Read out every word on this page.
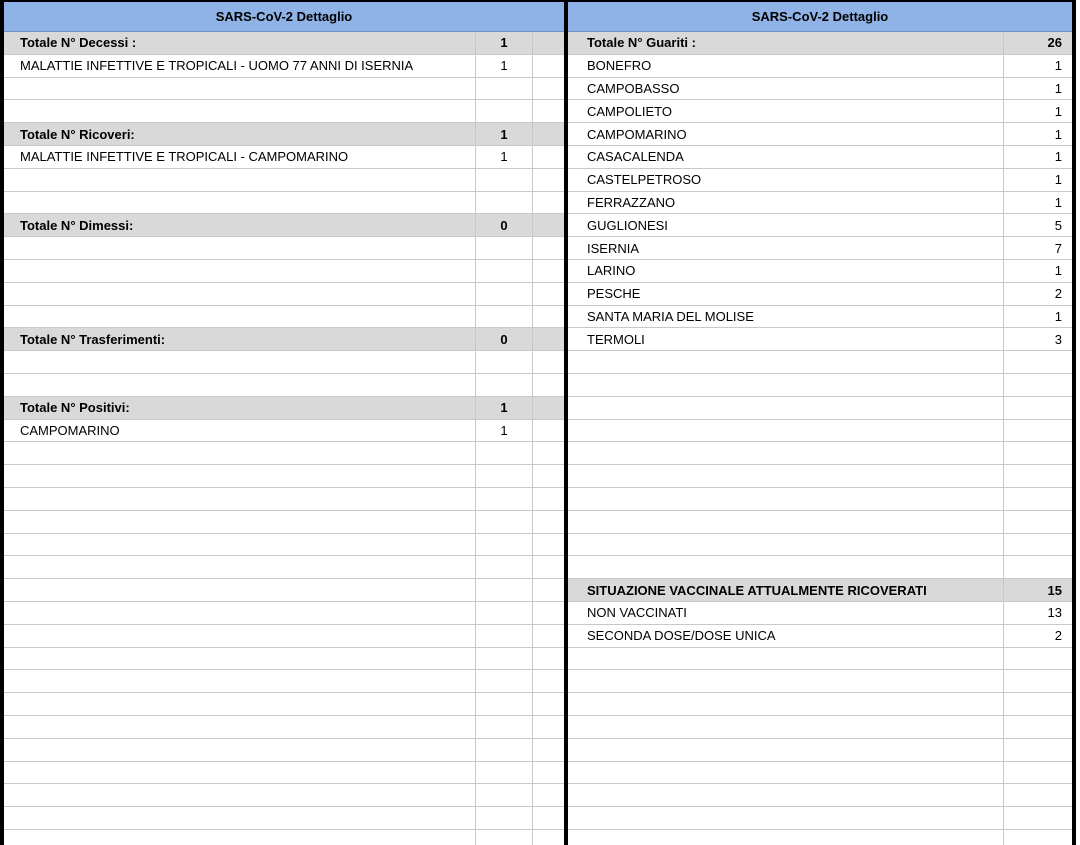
SARS-CoV-2 Dettaglio
Totale N° Decessi :	1
MALATTIE INFETTIVE E TROPICALI - UOMO 77 ANNI DI ISERNIA	1
Totale N° Ricoveri:	1
MALATTIE INFETTIVE E TROPICALI - CAMPOMARINO	1
Totale N° Dimessi:	0
Totale N° Trasferimenti:	0
Totale N° Positivi:	1
CAMPOMARINO	1
SARS-CoV-2 Dettaglio
Totale N° Guariti :	26
BONEFRO	1
CAMPOBASSO	1
CAMPOLIETO	1
CAMPOMARINO	1
CASACALENDA	1
CASTELPETROSO	1
FERRAZZANO	1
GUGLIONESI	5
ISERNIA	7
LARINO	1
PESCHE	2
SANTA MARIA DEL MOLISE	1
TERMOLI	3
SITUAZIONE VACCINALE ATTUALMENTE RICOVERATI	15
NON VACCINATI	13
SECONDA DOSE/DOSE UNICA	2
